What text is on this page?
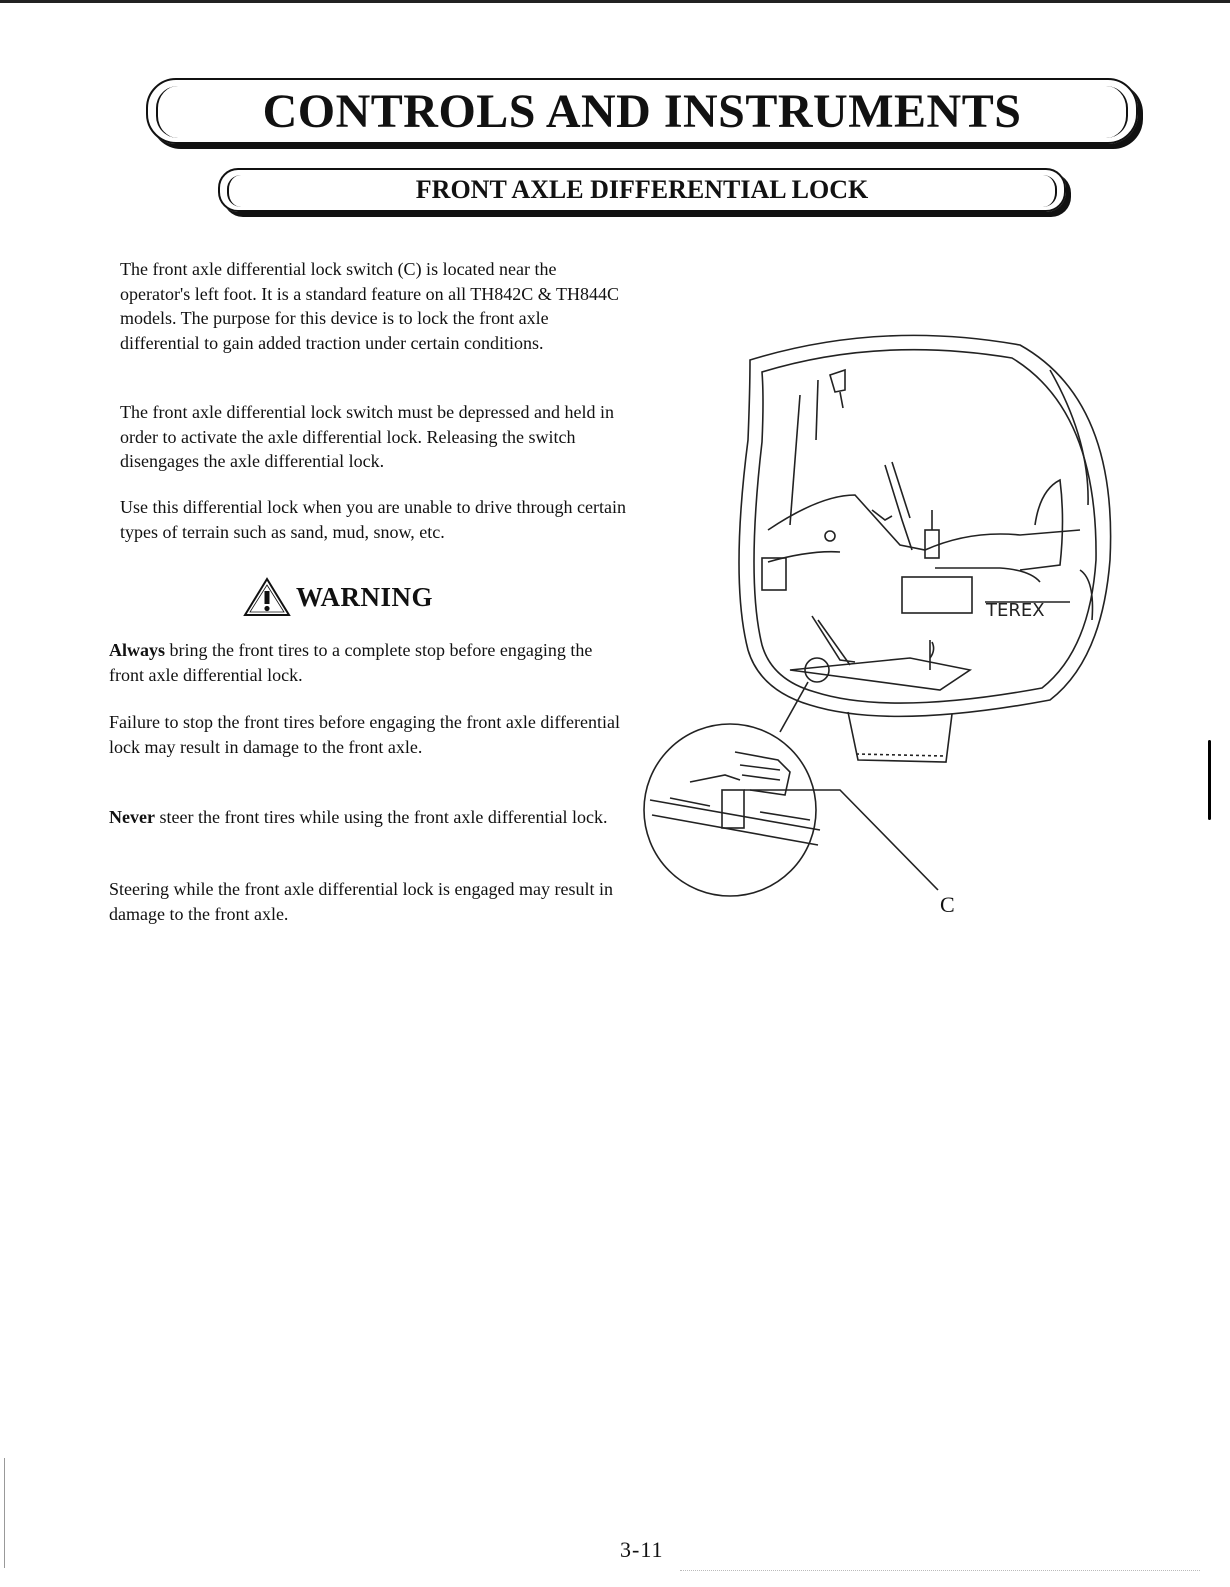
CONTROLS AND INSTRUMENTS
FRONT AXLE DIFFERENTIAL LOCK

The front axle differential lock switch (C) is located near the operator's left foot. It is a standard feature on all TH842C & TH844C models. The purpose for this device is to lock the front axle differential to gain added traction under certain conditions.

The front axle differential lock switch must be depressed and held in order to activate the axle differential lock. Releasing the switch disengages the axle differential lock.

Use this differential lock when you are unable to drive through certain types of terrain such as sand, mud, snow, etc.

WARNING

Always bring the front tires to a complete stop before engaging the front axle differential lock.

Failure to stop the front tires before engaging the front axle differential lock may result in damage to the front axle.

Never steer the front tires while using the front axle differential lock.

Steering while the front axle differential lock is engaged may result in damage to the front axle.

TEREX
C
3-11
